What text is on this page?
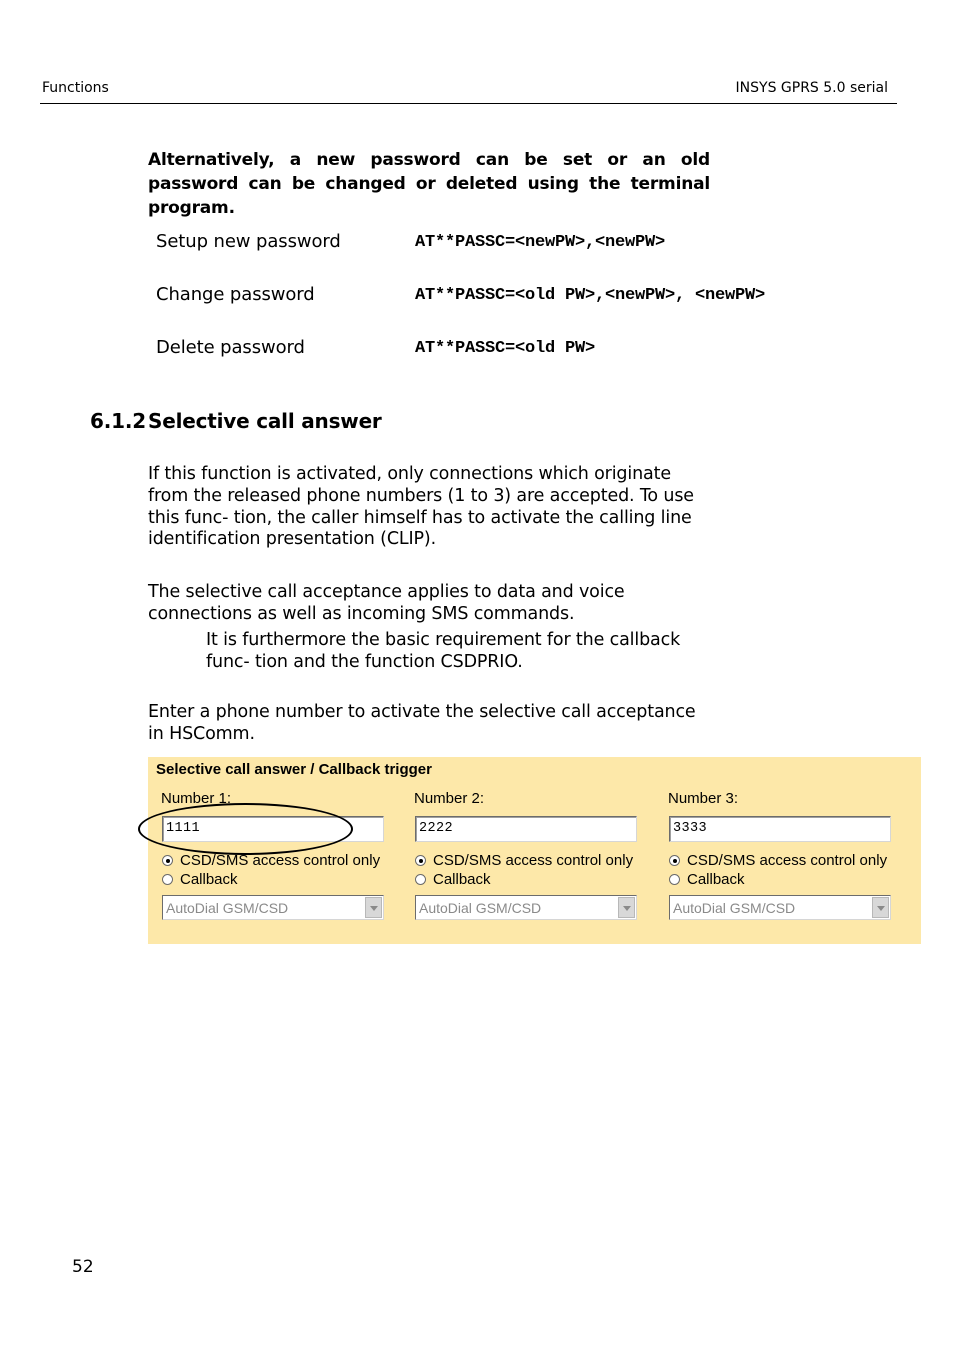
Functions	INSYS GPRS 5.0 serial
Alternatively, a new password can be set or an old password can be changed or deleted using the terminal program.
Setup new password	AT**PASSC=<newPW>,<newPW>
Change password	AT**PASSC=<old PW>,<newPW>, <newPW>
Delete password	AT**PASSC=<old PW>
6.1.2 Selective call answer
If this function is activated, only connections which originate from the released phone numbers (1 to 3) are accepted. To use this func- tion, the caller himself has to activate the calling line identification presentation (CLIP).
The selective call acceptance applies to data and voice connections as well as incoming SMS commands.
It is furthermore the basic requirement for the callback func- tion and the function CSDPRIO.
Enter a phone number to activate the selective call acceptance in HSComm.
Selective call answer / Callback trigger
Number 1:
1111
CSD/SMS access control only
Callback
AutoDial GSM/CSD
Number 2:
2222
CSD/SMS access control only
Callback
AutoDial GSM/CSD
Number 3:
3333
CSD/SMS access control only
Callback
AutoDial GSM/CSD
52
